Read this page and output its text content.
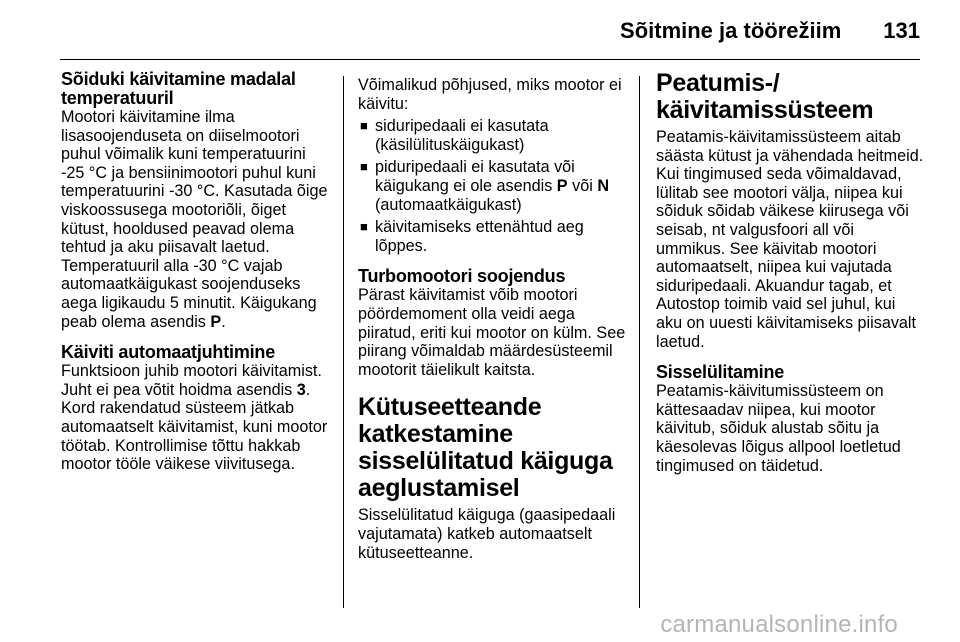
Sõitmine ja töörežiim 131
Sõiduki käivitamine madalal temperatuuril

Mootori käivitamine ilma lisasoojenduseta on diiselmootori puhul võimalik kuni temperatuurini -25 °C ja bensiinimootori puhul kuni temperatuurini -30 °C. Kasutada õige viskoossusega mootoriõli, õiget kütust, hooldused peavad olema tehtud ja aku piisavalt laetud. Temperatuuril alla -30 °C vajab automaatkäigukast soojenduseks aega ligikaudu 5 minutit. Käigukang peab olema asendis P.

Käiviti automaatjuhtimine

Funktsioon juhib mootori käivitamist. Juht ei pea võtit hoidma asendis 3. Kord rakendatud süsteem jätkab automaatselt käivitamist, kuni mootor töötab. Kontrollimise tõttu hakkab mootor tööle väikese viivitusega.

Võimalikud põhjused, miks mootor ei käivitu:

■ siduripedaali ei kasutata (käsilülituskäigukast)
■ piduripedaali ei kasutata või käigukang ei ole asendis P või N (automaatkäigukast)
■ käivitamiseks ettenähtud aeg lõppes.
Turbomootori soojendus

Pärast käivitamist võib mootori pöördemoment olla veidi aega piiratud, eriti kui mootor on külm. See piirang võimaldab määrdesüsteemil mootorit täielikult kaitsta.

Kütuseetteande katkestamine sisselülitatud käiguga aeglustamisel

Sisselülitatud käiguga (gaasipedaali vajutamata) katkeb automaatselt kütuseetteanne.

Peatumis-/ käivitamissüsteem

Peatamis-käivitamissüsteem aitab säästa kütust ja vähendada heitmeid. Kui tingimused seda võimaldavad, lülitab see mootori välja, niipea kui sõiduk sõidab väikese kiirusega või seisab, nt valgusfoori all või ummikus. See käivitab mootori automaatselt, niipea kui vajutada siduripedaali. Akuandur tagab, et Autostop toimib vaid sel juhul, kui aku on uuesti käivitamiseks piisavalt laetud.

Sisselülitamine

Peatamis-käivitumissüsteem on kättesaadav niipea, kui mootor käivitub, sõiduk alustab sõitu ja käesolevas lõigus allpool loetletud tingimused on täidetud.

carmanualsonline.info
